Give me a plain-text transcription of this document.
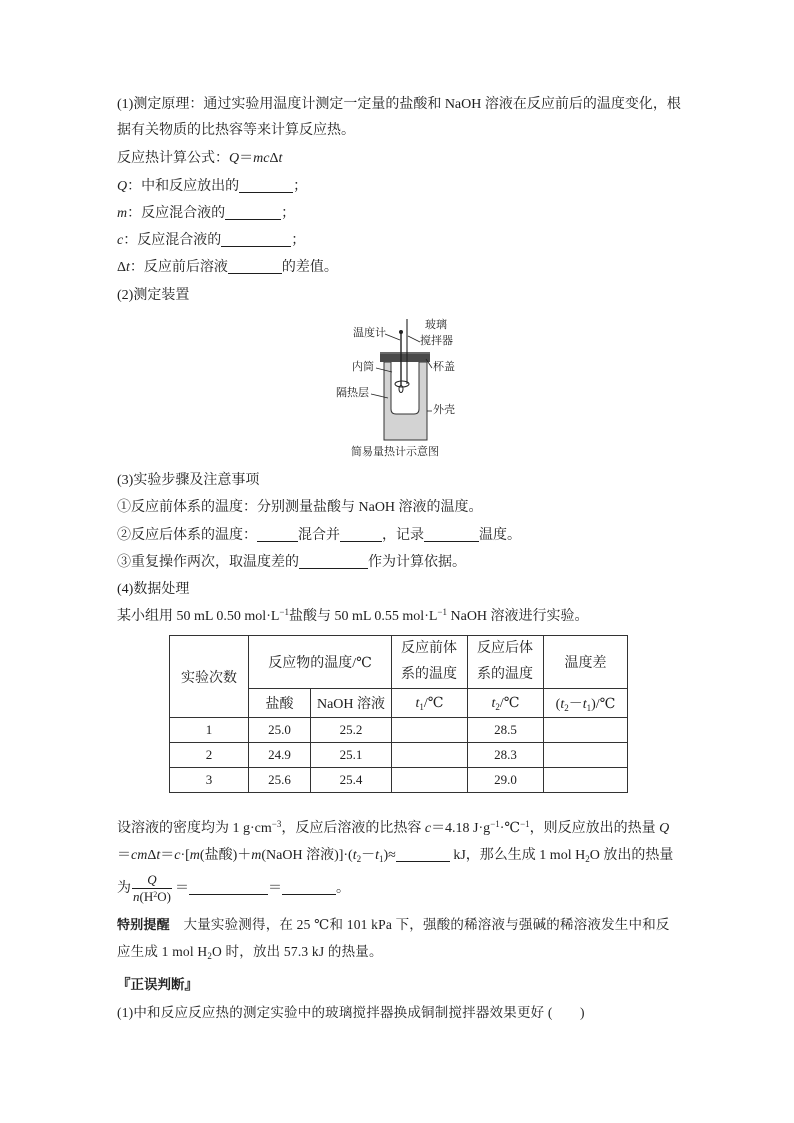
(1)测定原理：通过实验用温度计测定一定量的盐酸和 NaOH 溶液在反应前后的温度变化，根
据有关物质的比热容等来计算反应热。
反应热计算公式：Q＝mcΔt
Q：中和反应放出的	；
m：反应混合液的	；
c：反应混合液的	；
Δt：反应前后溶液	的差值。
(2)测定装置
温度计
玻璃
搅拌器
内筒	杯盖
隔热层
外壳
简易量热计示意图
(3)实验步骤及注意事项
①反应前体系的温度：分别测量盐酸与 NaOH 溶液的温度。
②反应后体系的温度：	混合并	，记录	温度。
③重复操作两次，取温度差的	作为计算依据。
(4)数据处理
某小组用 50 mL 0.50 $mol\cdot L^{-1}$盐酸与 50 mL 0.55 $mol\cdot L^{-1}$ NaOH 溶液进行实验。
实验次数	反应物的温度/℃		反应前体系的温度	反应后体系的温度	温度差
	盐酸	NaOH 溶液	$t_1/℃$	$t_2/℃$	$(t_2-t_1)/℃$
1	25.0	25.2		28.5	
2	24.9	25.1		28.3	
3	25.6	25.4		29.0	
设溶液的密度均为 1 $g\cdot cm^{-3}$，反应后溶液的比热容 c＝4.18 $J\cdot g^{-1}\cdot℃^{-1}$，则反应放出的热量 Q
＝cmΔt＝c·[m(盐酸)＋m(NaOH 溶液)]$\cdot(t_2-t_1)\approx$	kJ，那么生成 1 mol $H_2O$ 放出的热量
为 $\frac{Q}{n(H^2O)}$ ＝	＝	。
特别提醒　大量实验测得，在 25 ℃和 101 kPa 下，强酸的稀溶液与强碱的稀溶液发生中和反
应生成 1 mol $H_2O$ 时，放出 57.3 kJ 的热量。
『正误判断』
(1)中和反应反应热的测定实验中的玻璃搅拌器换成铜制搅拌器效果更好 (　　)
